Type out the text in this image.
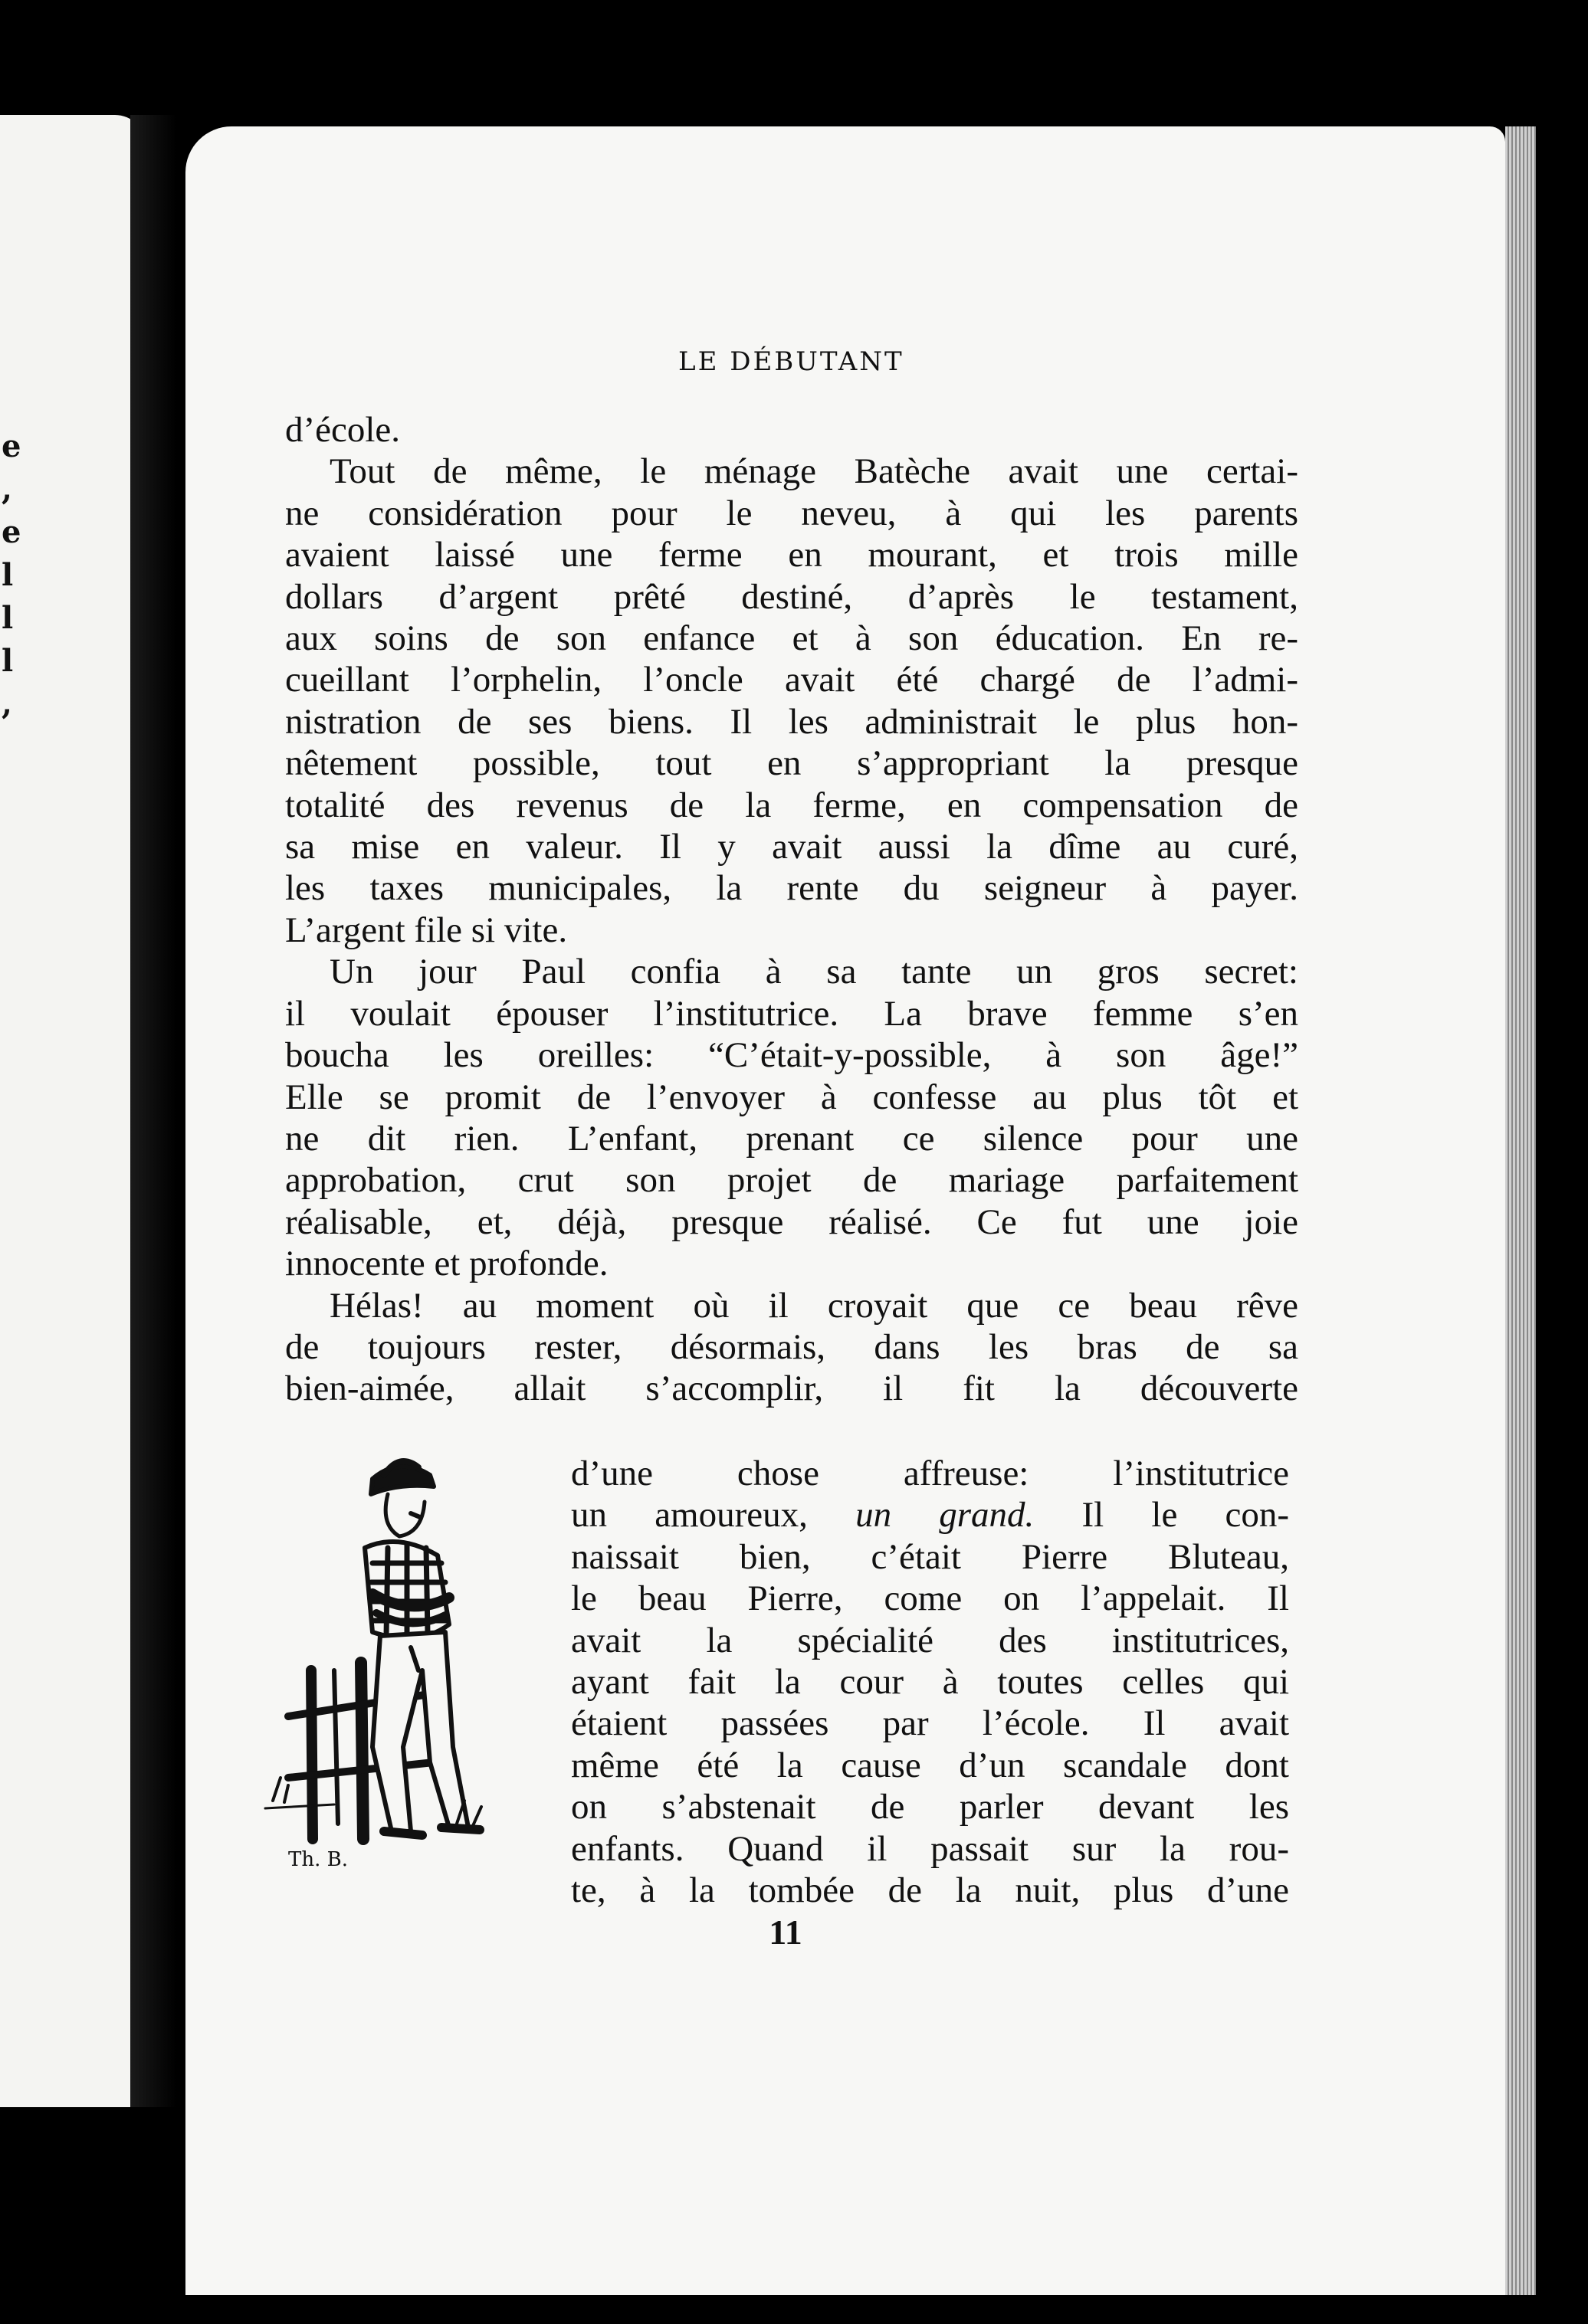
e
,
e
l
l
l
,

LE DÉBUTANT

d’école.
Tout de même, le ménage Batèche avait une certai-
ne considération pour le neveu, à qui les parents
avaient laissé une ferme en mourant, et trois mille
dollars d’argent prêté destiné, d’après le testament,
aux soins de son enfance et à son éducation. En re-
cueillant l’orphelin, l’oncle avait été chargé de l’admi-
nistration de ses biens. Il les administrait le plus hon-
nêtement possible, tout en s’appropriant la presque
totalité des revenus de la ferme, en compensation de
sa mise en valeur. Il y avait aussi la dîme au curé,
les taxes municipales, la rente du seigneur à payer.
L’argent file si vite.
Un jour Paul confia à sa tante un gros secret:
il voulait épouser l’institutrice. La brave femme s’en
boucha les oreilles: “C’était-y-possible, à son âge!”
Elle se promit de l’envoyer à confesse au plus tôt et
ne dit rien. L’enfant, prenant ce silence pour une
approbation, crut son projet de mariage parfaitement
réalisable, et, déjà, presque réalisé. Ce fut une joie
innocente et profonde.
Hélas! au moment où il croyait que ce beau rêve
de toujours rester, désormais, dans les bras de sa
bien-aimée, allait s’accomplir, il fit la découverte
d’une chose affreuse: l’institutrice
un amoureux, un grand. Il le con-
naissait bien, c’était Pierre Bluteau,
le beau Pierre, come on l’appelait. Il
avait la spécialité des institutrices,
ayant fait la cour à toutes celles qui
étaient passées par l’école. Il avait
même été la cause d’un scandale dont
on s’abstenait de parler devant les
enfants. Quand il passait sur la rou-
te, à la tombée de la nuit, plus d’une
Th. B.

11
